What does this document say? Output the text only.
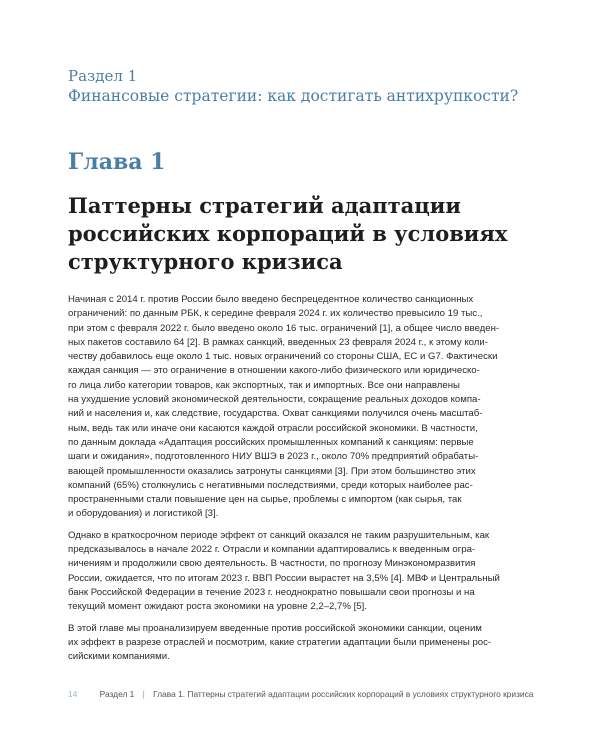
Раздел 1

Финансовые стратегии: как достигать антихрупкости?

Глава 1
Паттерны стратегий адаптации
российских корпораций в условиях
структурного кризиса

Начиная с 2014 г. против России было введено беспрецедентное количество санкционных
ограничений: по данным РБК, к середине февраля 2024 г. их количество превысило 19 тыс.,
при этом с февраля 2022 г. было введено около 16 тыс. ограничений [1], а общее число введен-
ных пакетов составило 64 [2]. В рамках санкций, введенных 23 февраля 2024 г., к этому коли-
честву добавилось еще около 1 тыс. новых ограничений со стороны США, ЕС и G7. Фактически
каждая санкция — это ограничение в отношении какого-либо физического или юридическо-
го лица либо категории товаров, как экспортных, так и импортных. Все они направлены
на ухудшение условий экономической деятельности, сокращение реальных доходов компа-
ний и населения и, как следствие, государства. Охват санкциями получился очень масштаб-
ным, ведь так или иначе они касаются каждой отрасли российской экономики. В частности,
по данным доклада «Адаптация российских промышленных компаний к санкциям: первые
шаги и ожидания», подготовленного НИУ ВШЭ в 2023 г., около 70% предприятий обрабаты-
вающей промышленности оказались затронуты санкциями [3]. При этом большинство этих
компаний (65%) столкнулись с негативными последствиями, среди которых наиболее рас-
пространенными стали повышение цен на сырье, проблемы с импортом (как сырья, так
и оборудования) и логистикой [3].

Однако в краткосрочном периоде эффект от санкций оказался не таким разрушительным, как
предсказывалось в начале 2022 г. Отрасли и компании адаптировались к введенным огра-
ничениям и продолжили свою деятельность. В частности, по прогнозу Минэкономразвития
России, ожидается, что по итогам 2023 г. ВВП России вырастет на 3,5% [4]. МВФ и Центральный
банк Российской Федерации в течение 2023 г. неоднократно повышали свои прогнозы и на
текущий момент ожидают роста экономики на уровне 2,2–2,7% [5].

В этой главе мы проанализируем введенные против российской экономики санкции, оценим
их эффект в разрезе отраслей и посмотрим, какие стратегии адаптации были применены рос-
сийскими компаниями.

14	Раздел 1 | Глава 1. Паттерны стратегий адаптации российских корпораций в условиях структурного кризиса
